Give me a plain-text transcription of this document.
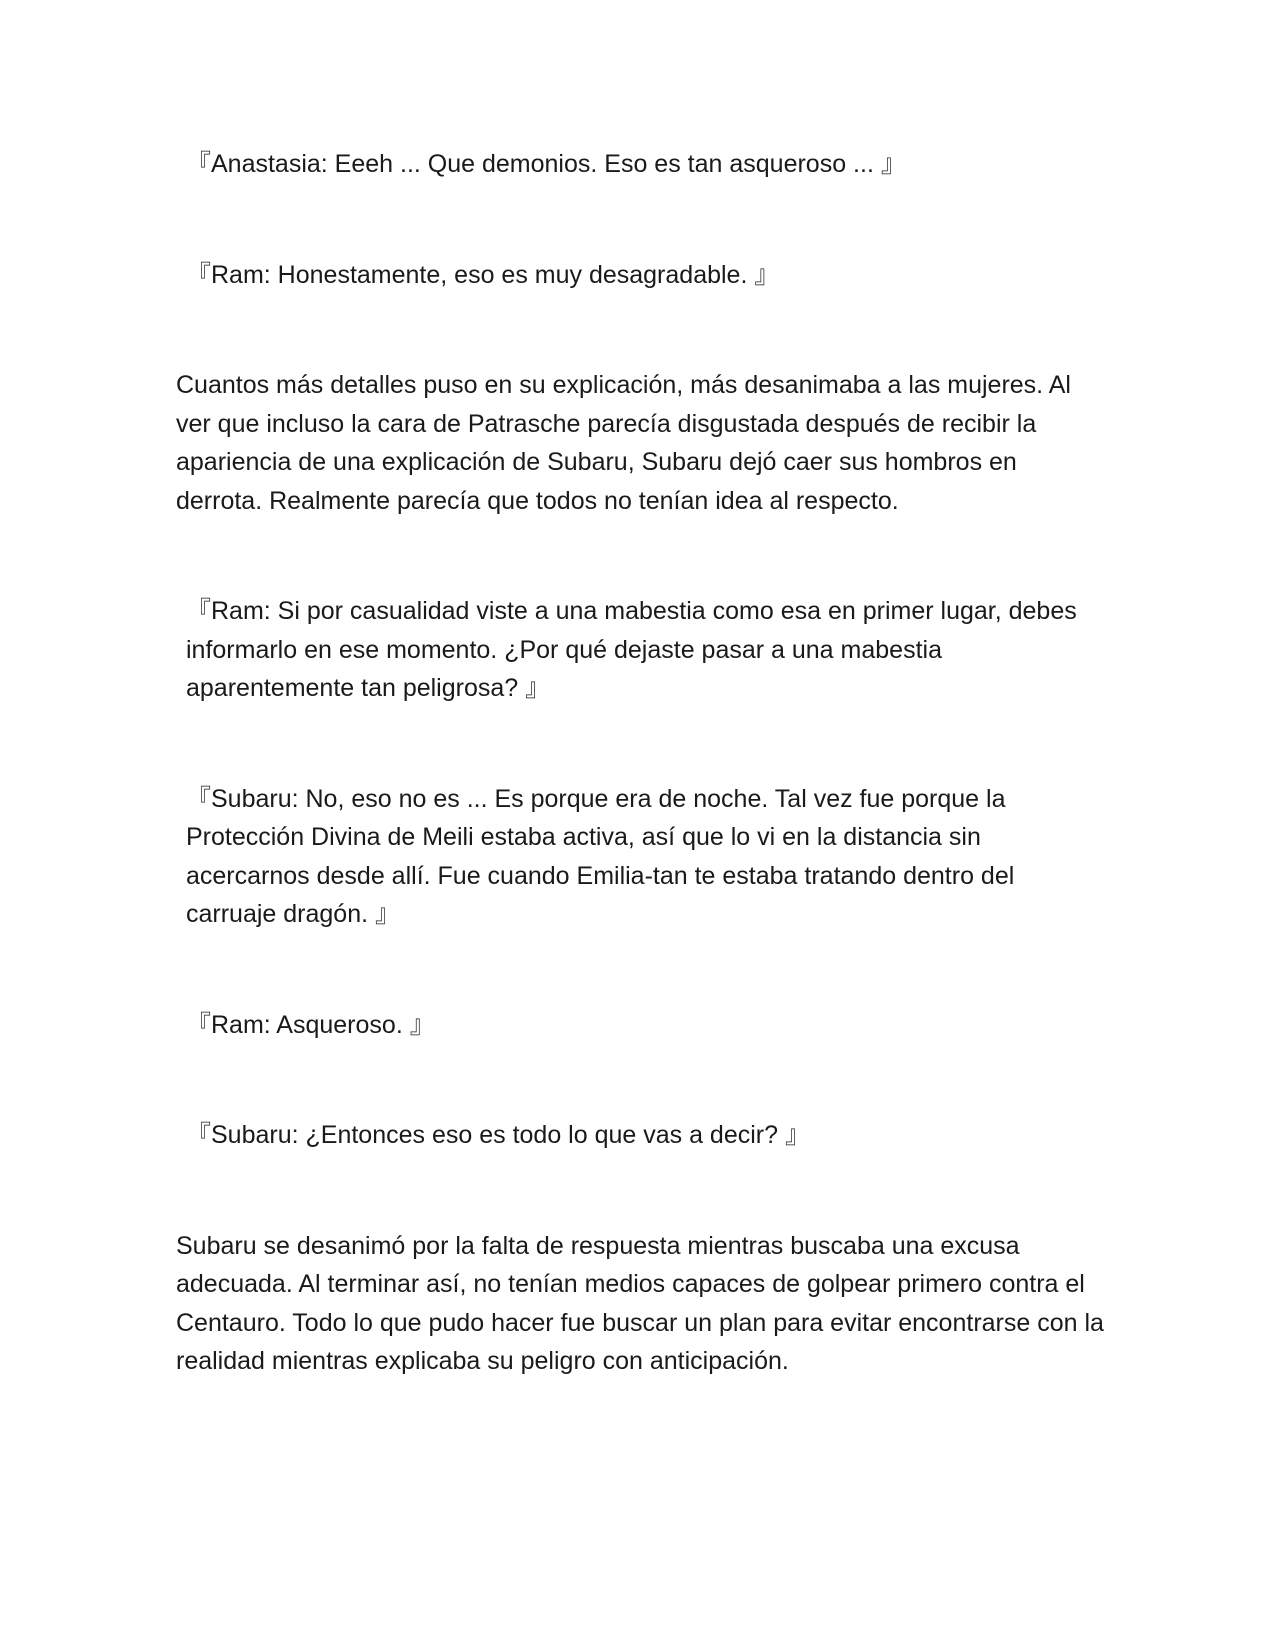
『Anastasia: Eeeh ... Que demonios. Eso es tan asqueroso ... 』

『Ram: Honestamente, eso es muy desagradable. 』

Cuantos más detalles puso en su explicación, más desanimaba a las mujeres. Al ver que incluso la cara de Patrasche parecía disgustada después de recibir la apariencia de una explicación de Subaru, Subaru dejó caer sus hombros en derrota. Realmente parecía que todos no tenían idea al respecto.

『Ram: Si por casualidad viste a una mabestia como esa en primer lugar, debes informarlo en ese momento. ¿Por qué dejaste pasar a una mabestia aparentemente tan peligrosa? 』

『Subaru: No, eso no es ... Es porque era de noche. Tal vez fue porque la Protección Divina de Meili estaba activa, así que lo vi en la distancia sin acercarnos desde allí. Fue cuando Emilia-tan te estaba tratando dentro del carruaje dragón. 』

『Ram: Asqueroso. 』

『Subaru: ¿Entonces eso es todo lo que vas a decir? 』

Subaru se desanimó por la falta de respuesta mientras buscaba una excusa adecuada. Al terminar así, no tenían medios capaces de golpear primero contra el Centauro. Todo lo que pudo hacer fue buscar un plan para evitar encontrarse con la realidad mientras explicaba su peligro con anticipación.
